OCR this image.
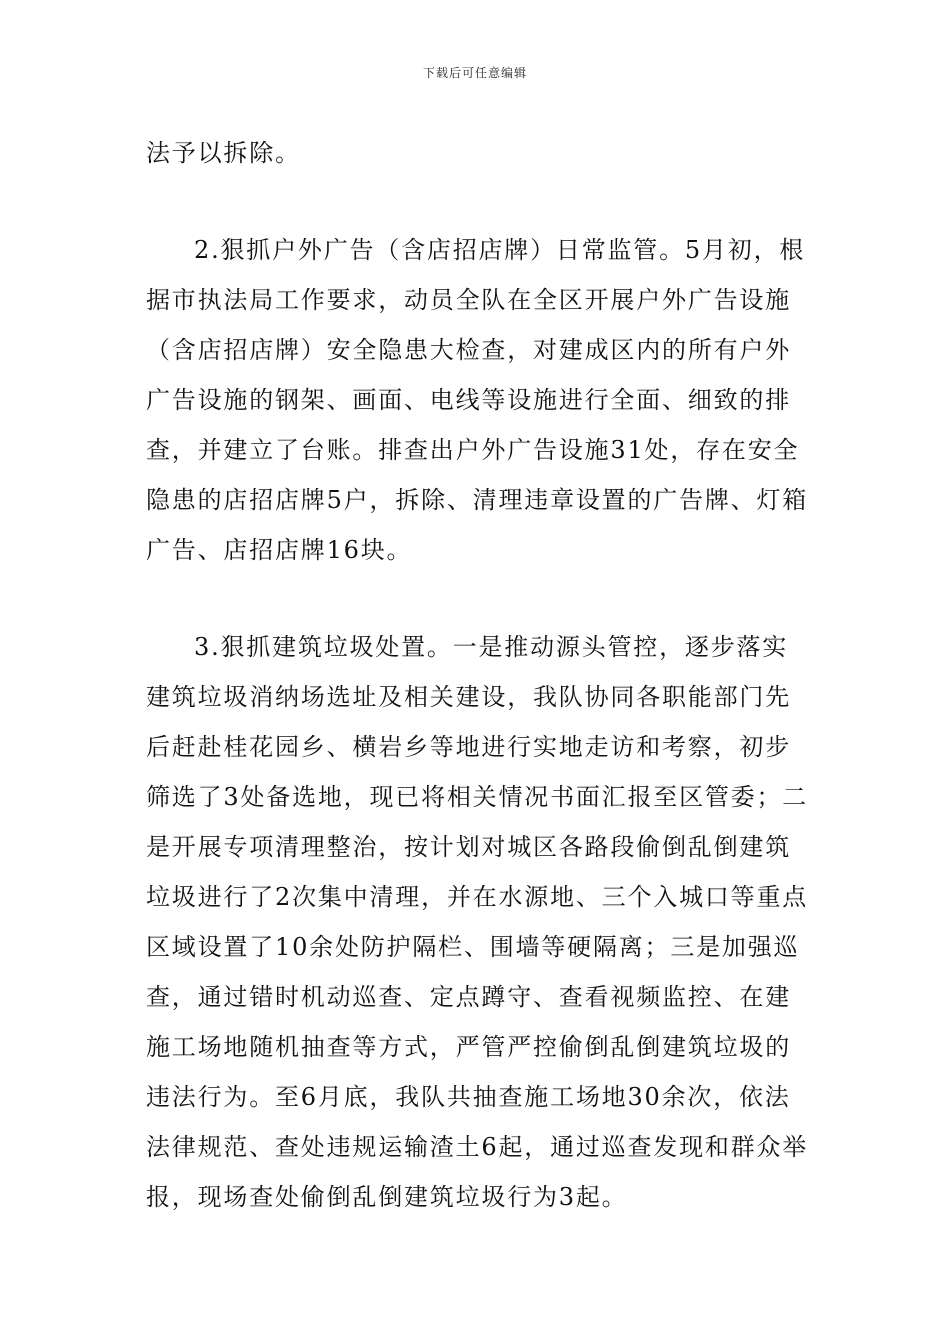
下载后可任意编辑
法予以拆除。
2.狠抓户外广告（含店招店牌）日常监管。5月初，根
据市执法局工作要求，动员全队在全区开展户外广告设施
（含店招店牌）安全隐患大检查，对建成区内的所有户外
广告设施的钢架、画面、电线等设施进行全面、细致的排
查，并建立了台账。排查出户外广告设施31处，存在安全
隐患的店招店牌5户，拆除、清理违章设置的广告牌、灯箱
广告、店招店牌16块。
3.狠抓建筑垃圾处置。一是推动源头管控，逐步落实
建筑垃圾消纳场选址及相关建设，我队协同各职能部门先
后赶赴桂花园乡、横岩乡等地进行实地走访和考察，初步
筛选了3处备选地，现已将相关情况书面汇报至区管委；二
是开展专项清理整治，按计划对城区各路段偷倒乱倒建筑
垃圾进行了2次集中清理，并在水源地、三个入城口等重点
区域设置了10余处防护隔栏、围墙等硬隔离；三是加强巡
查，通过错时机动巡查、定点蹲守、查看视频监控、在建
施工场地随机抽查等方式，严管严控偷倒乱倒建筑垃圾的
违法行为。至6月底，我队共抽查施工场地30余次，依法
法律规范、查处违规运输渣土6起，通过巡查发现和群众举
报，现场查处偷倒乱倒建筑垃圾行为3起。
